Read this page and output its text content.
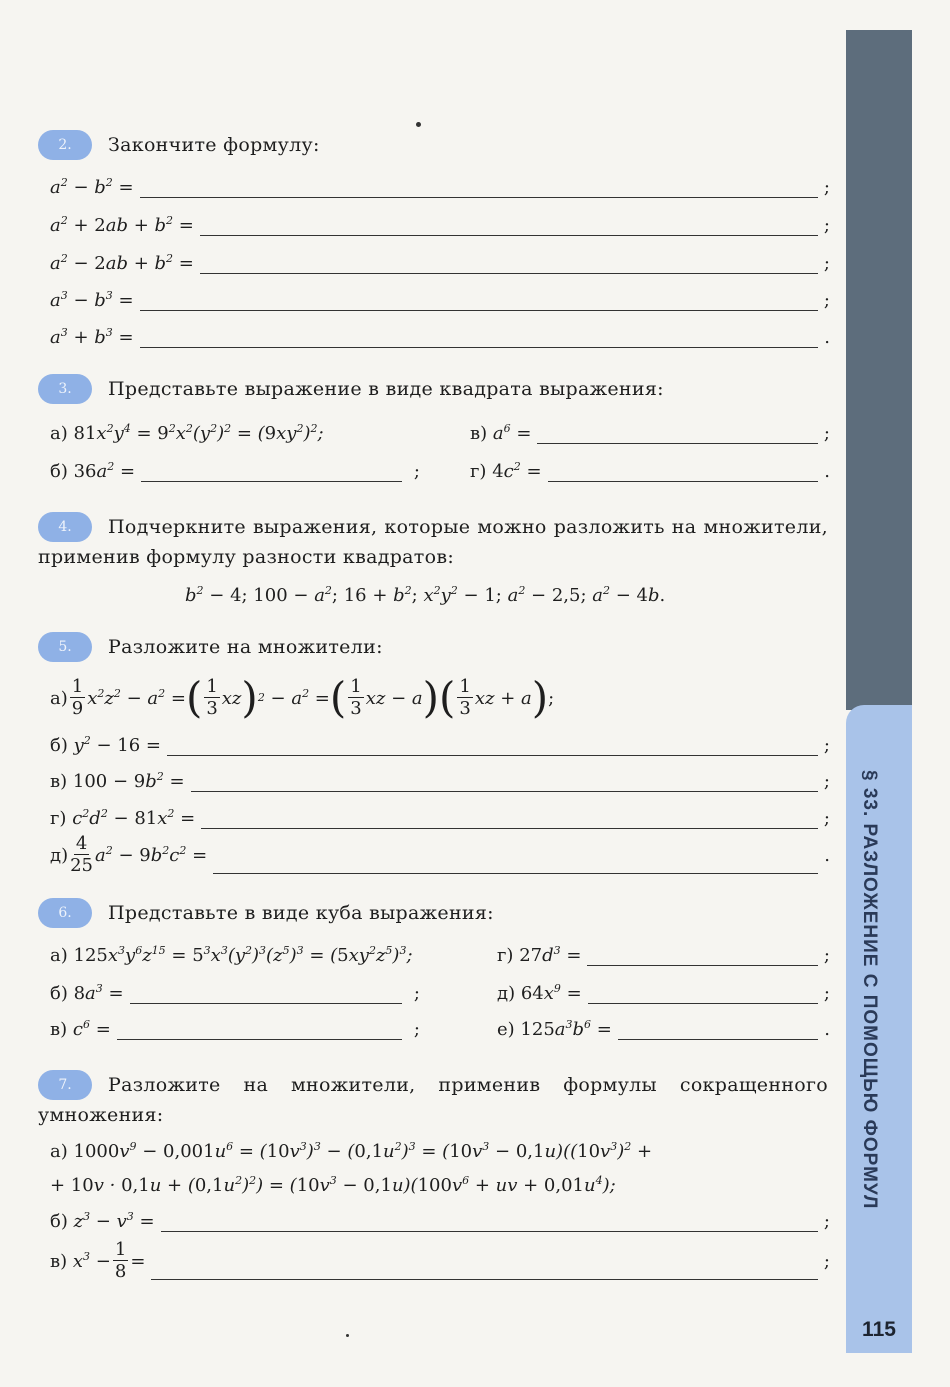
§ 33. РАЗЛОЖЕНИЕ С ПОМОЩЬЮ ФОРМУЛ
115
2.	Закончите формулу:
$a^2 - b^2$ =	;
$a^2 + 2ab + b^2$ =	;
$a^2 - 2ab + b^2$ =	;
$a^3 - b^3$ =	;
$a^3 + b^3$ =	.
3.	Представьте выражение в виде квадрата выражения:
а)
$81x^2y^4 = 9^2x^2(y^2)^2 = (9xy^2)^2$;	в)
$a^6$ =	;
б)
$36a^2$ =	;	г)
$4c^2$ =	.
4.	Подчеркните выражения, которые можно разложить на множители, применив формулу разности квадратов:
$b^2 - 4$; $100 - a^2$; $16 + b^2$; $x^2y^2 - 1$; $a^2 - 2,5$; $a^2 - 4b$.
5.	Разложите на множители:
$а) \frac{1}{9} x^2z^2 - a^2$ = ( $\frac{1}{3}$ xz ) $2 - a^2$ = ( $\frac{1}{3}$ xz − a )( $\frac{1}{3}$ xz + a ) ;
б)
$y^2 - 16$ =	;
в)
$100 - 9b^2$ =	;
г)
$c^2d^2 - 81x^2$ =	;
$д) \frac{4}{25} a^2 - 9b^2c^2$ =	.
6.	Представьте в виде куба выражения:
а)
$125x^3y^6z^{15} = 5^3x^3(y^2)^3(z^5)^3 = (5xy^2z^5)^3$;	г)
$27d^3$ =	;
б)
$8a^3$ =	;	д)
$64x^9$ =	;
в)
$c^6$ =	;	е)
$125a^3b^6$ =	.
7.	Разложите на множители, применив формулы сокращенного умножения:
а)
$1000v^9 - 0,001u^6 = (10v^3)^3 - (0,1u^2)^3 = (10v^3 - 0,1u)((10v^3)^2$ +
+ $10v \cdot 0,1u + (0,1u^2)^2) = (10v^3 - 0,1u)(100v^6$ + uv + $0,01u^4$);
б)
$z^3 - v^3$ =	;
в)
$x^3 - \frac{1}{8}$ =	;
